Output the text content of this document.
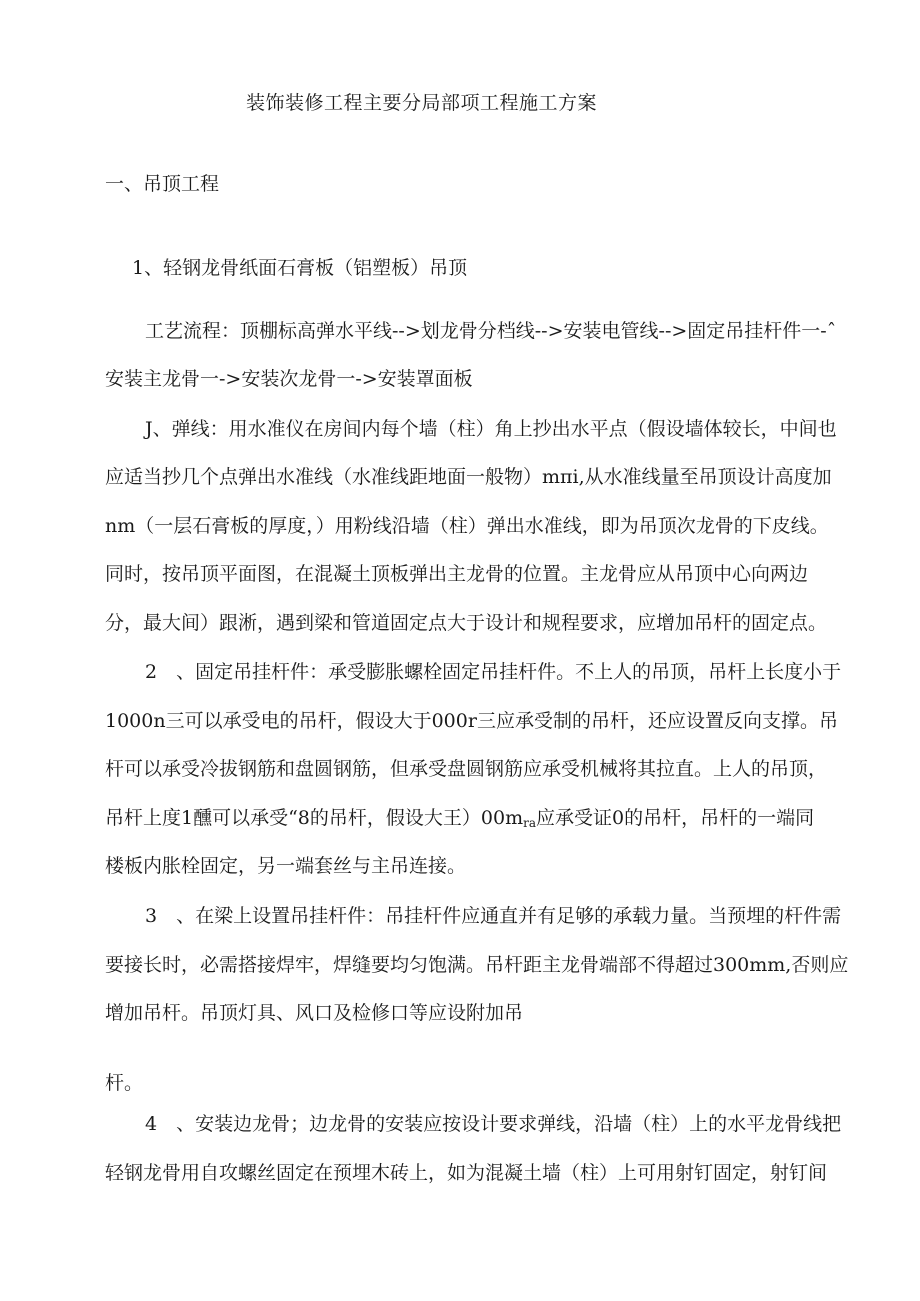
装饰装修工程主要分局部项工程施工方案
一、吊顶工程
1、轻钢龙骨纸面石膏板（铝塑板）吊顶
工艺流程：顶棚标高弹水平线-->划龙骨分档线-->安装电管线-->固定吊挂杆件一-ˆ
安装主龙骨一->安装次龙骨一->安装罩面板
J、弹线：用水准仪在房间内每个墙（柱）角上抄出水平点（假设墙体较长，中间也
应适当抄几个点弹出水准线（水准线距地面一般物）mπi,从水准线量至吊顶设计高度加
nm（一层石膏板的厚度，）用粉线沿墙（柱）弹出水准线，即为吊顶次龙骨的下皮线。
同时，按吊顶平面图，在混凝土顶板弹出主龙骨的位置。主龙骨应从吊顶中心向两边
分，最大间）跟淅，遇到梁和管道固定点大于设计和规程要求，应增加吊杆的固定点。
2　、固定吊挂杆件：承受膨胀螺栓固定吊挂杆件。不上人的吊顶，吊杆上长度小于
1000n三可以承受电的吊杆，假设大于000r三应承受制的吊杆，还应设置反向支撑。吊
杆可以承受冷拔钢筋和盘圆钢筋，但承受盘圆钢筋应承受机械将其拉直。上人的吊顶，
吊杆上度1醺可以承受“8的吊杆，假设大王）$00m_{ra}$应承受证0的吊杆，吊杆的一端同
楼板内胀栓固定，另一端套丝与主吊连接。
3　、在梁上设置吊挂杆件：吊挂杆件应通直并有足够的承载力量。当预埋的杆件需
要接长时，必需搭接焊牢，焊缝要均匀饱满。吊杆距主龙骨端部不得超过300mm,否则应
增加吊杆。吊顶灯具、风口及检修口等应设附加吊
杆。
4　、安装边龙骨；边龙骨的安装应按设计要求弹线，沿墙（柱）上的水平龙骨线把
轻钢龙骨用自攻螺丝固定在预埋木砖上，如为混凝土墙（柱）上可用射钉固定，射钉间
